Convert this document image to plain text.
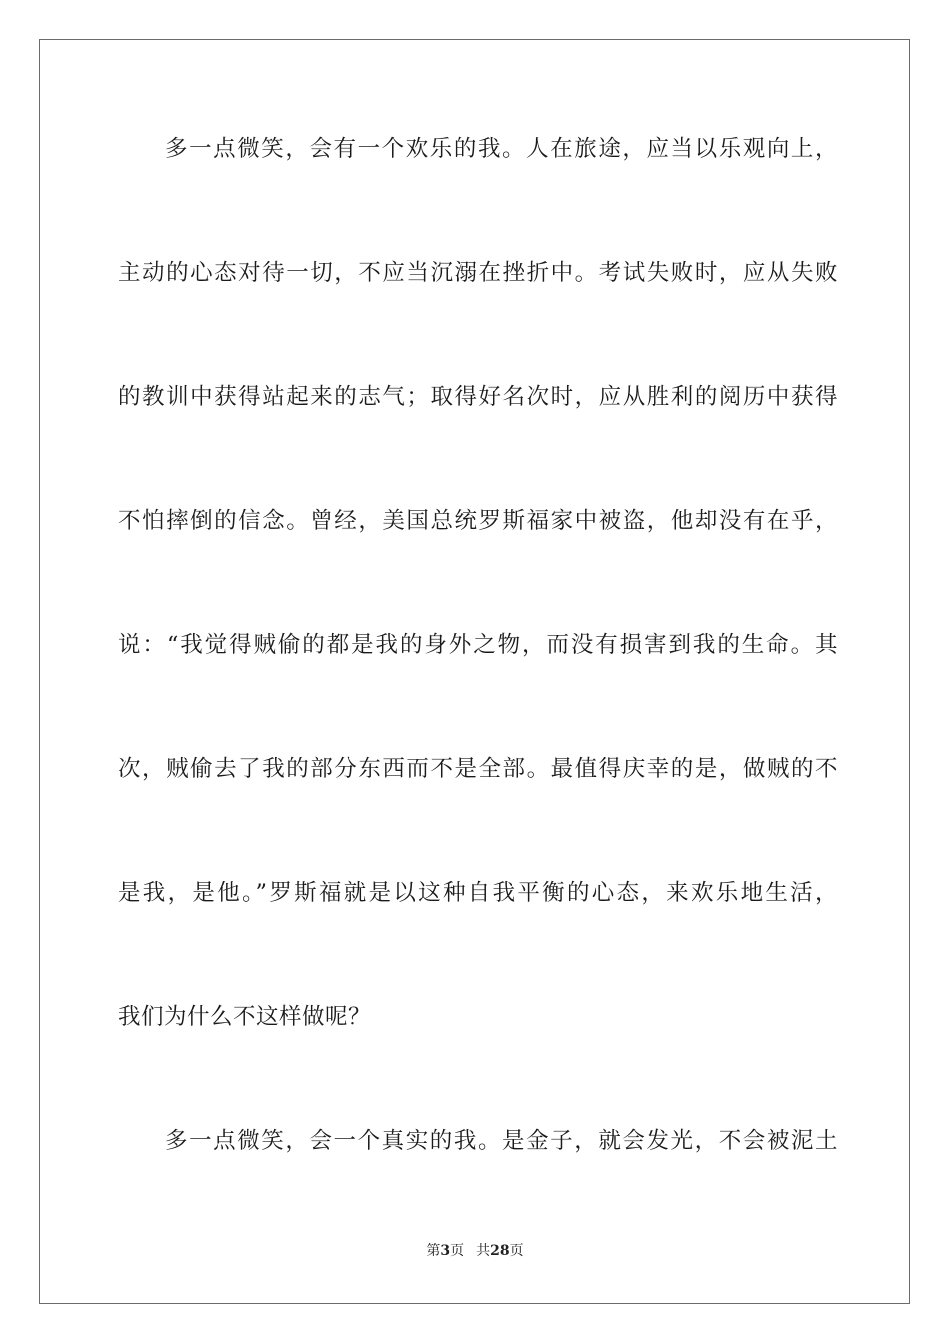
多一点微笑，会有一个欢乐的我。人在旅途，应当以乐观向上，
主动的心态对待一切，不应当沉溺在挫折中。考试失败时，应从失败
的教训中获得站起来的志气；取得好名次时，应从胜利的阅历中获得
不怕摔倒的信念。曾经，美国总统罗斯福家中被盗，他却没有在乎，
说：“我觉得贼偷的都是我的身外之物，而没有损害到我的生命。其
次，贼偷去了我的部分东西而不是全部。最值得庆幸的是，做贼的不
是我，是他。”罗斯福就是以这种自我平衡的心态，来欢乐地生活，
我们为什么不这样做呢？
多一点微笑，会一个真实的我。是金子，就会发光，不会被泥土
第3页 共28页
